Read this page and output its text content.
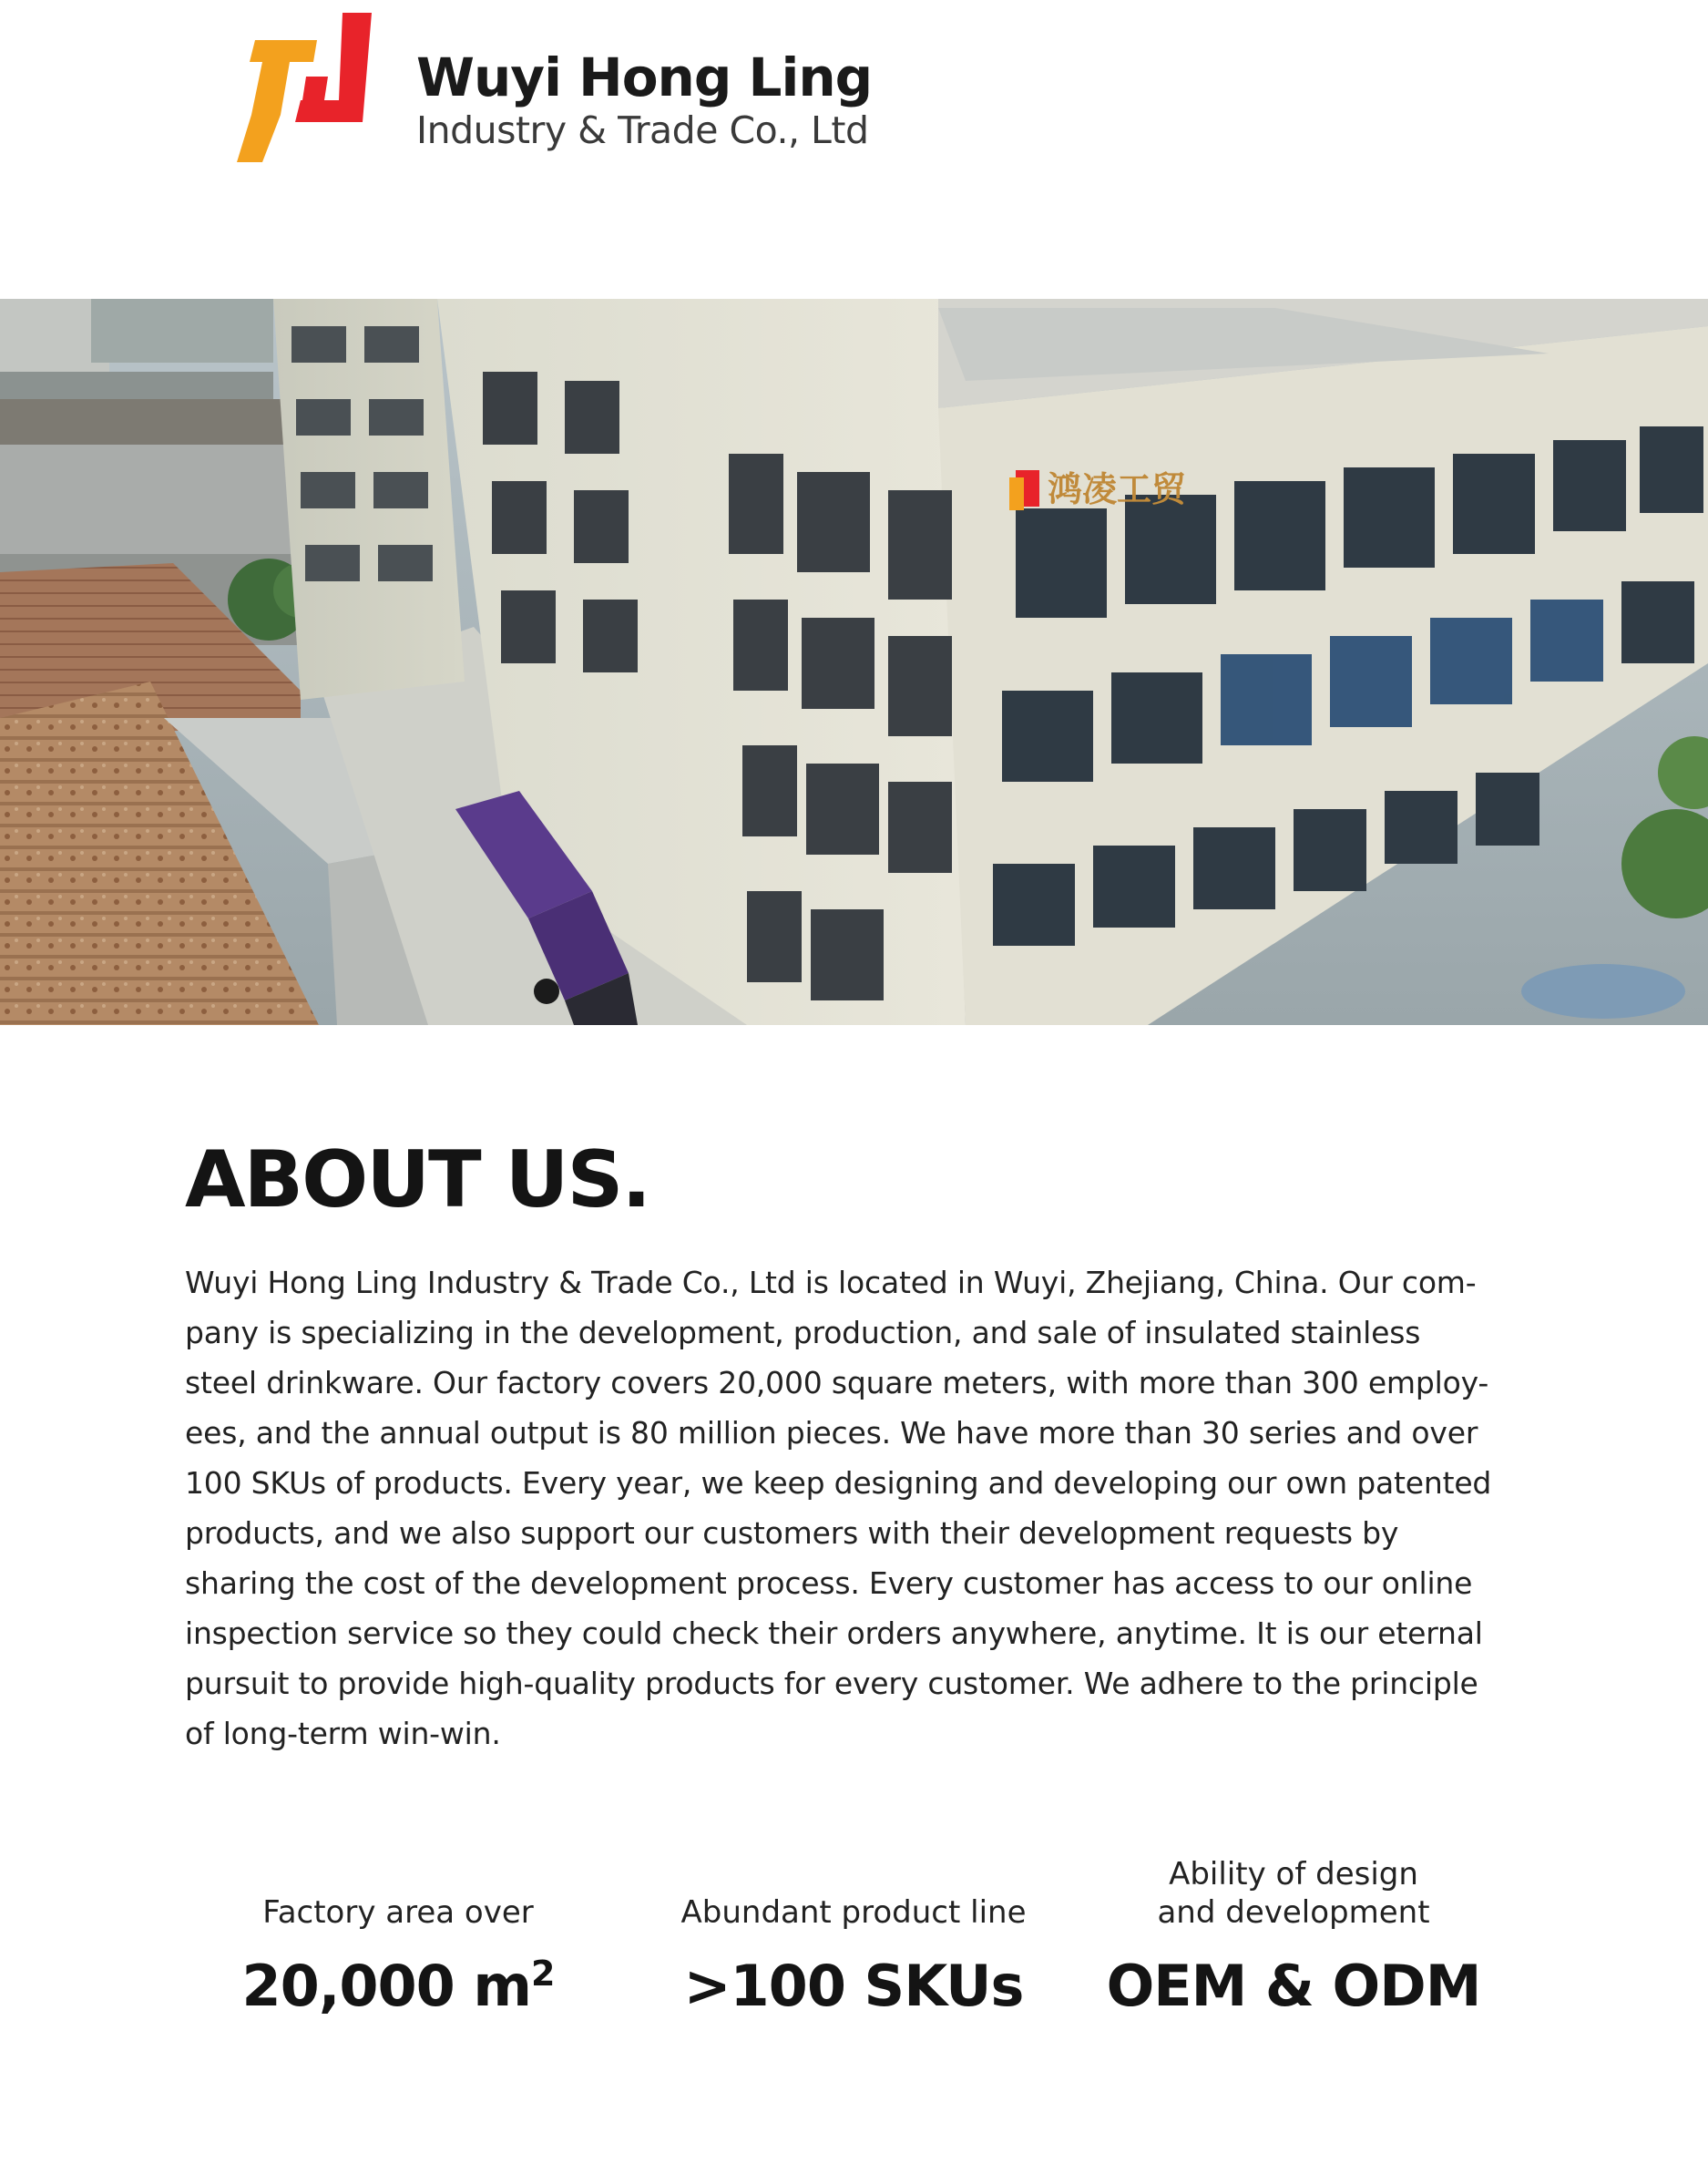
Wuyi Hong Ling
Industry & Trade Co., Ltd
鸿凌工贸
ABOUT US.
Wuyi Hong Ling Industry & Trade Co., Ltd is located in Wuyi, Zhejiang, China. Our com-
pany is specializing in the development, production, and sale of insulated stainless
steel drinkware. Our factory covers 20,000 square meters, with more than 300 employ-
ees, and the annual output is 80 million pieces. We have more than 30 series and over
100 SKUs of products. Every year, we keep designing and developing our own patented
products, and we also support our customers with their development requests by
sharing the cost of the development process. Every customer has access to our online
inspection service so they could check their orders anywhere, anytime. It is our eternal
pursuit to provide high-quality products for every customer. We adhere to the principle
of long-term win-win.
Factory area over
20,000 $m^2$
Abundant product line
>100 SKUs
Ability of design
and development
OEM & ODM
